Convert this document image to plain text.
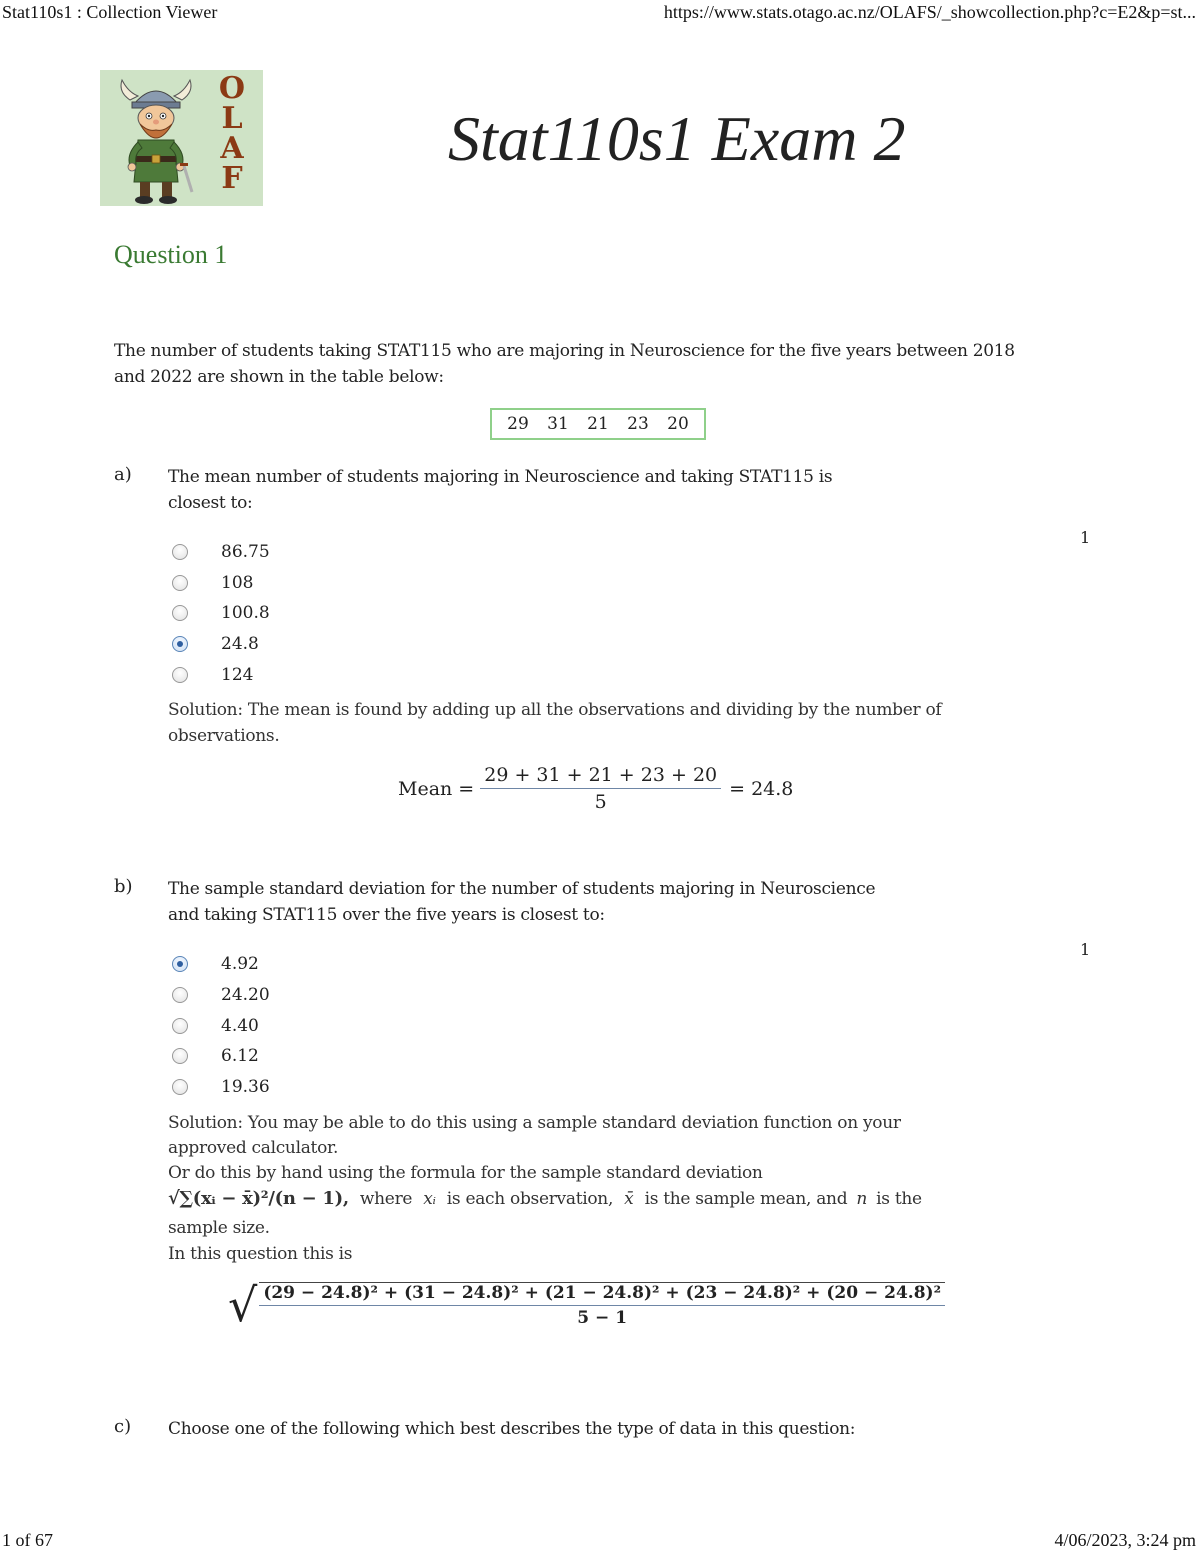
Stat110s1 : Collection Viewer	https://www.stats.otago.ac.nz/OLAFS/_showcollection.php?c=E2&p=st...
O
L
A
F
Stat110s1 Exam 2
Question 1
The number of students taking STAT115 who are majoring in Neuroscience for the five years between 2018
and 2022 are shown in the table below:
29 31 21 23 20
a) The mean number of students majoring in Neuroscience and taking STAT115 is
closest to:
1
86.75
108
100.8
24.8
124
Solution: The mean is found by adding up all the observations and dividing by the number of
observations.
Mean = $\frac{29 + 31 + 21 + 23 + 20}{5} = 24.8$
b) The sample standard deviation for the number of students majoring in Neuroscience
and taking STAT115 over the five years is closest to:
1
4.92
24.20
4.40
6.12
19.36
Solution: You may be able to do this using a sample standard deviation function on your
approved calculator.
Or do this by hand using the formula for the sample standard deviation
√∑(xᵢ − x̄)²/(n − 1), where xᵢ is each observation, x̄ is the sample mean, and n is the
sample size.
In this question this is
√ (29 − 24.8)² + (31 − 24.8)² + (21 − 24.8)² + (23 − 24.8)² + (20 − 24.8)²
5 − 1
c) Choose one of the following which best describes the type of data in this question:
1 of 67	4/06/2023, 3:24 pm
